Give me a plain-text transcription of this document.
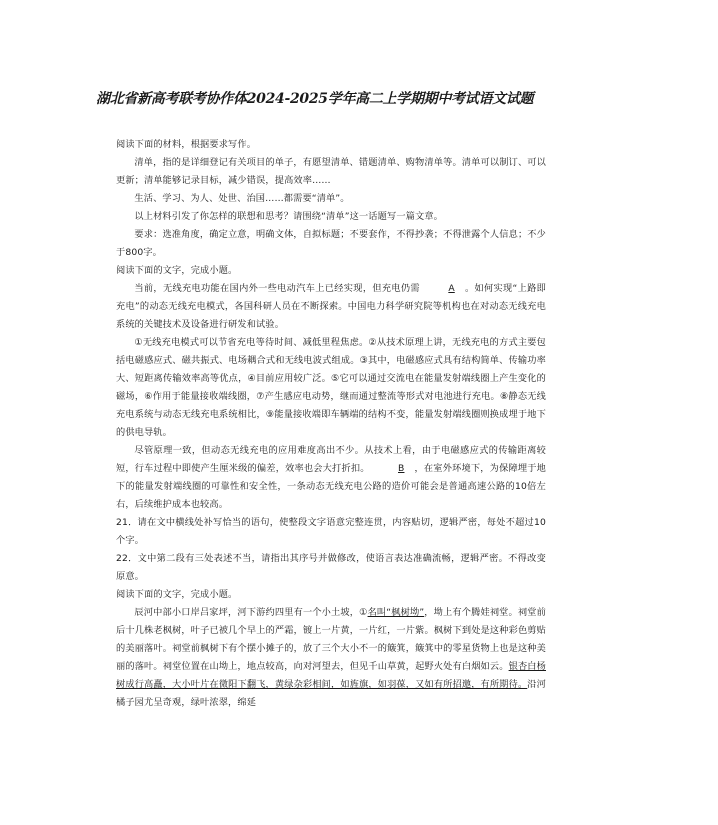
湖北省新高考联考协作体2024-2025学年高二上学期期中考试语文试题

阅读下面的材料，根据要求写作。

清单，指的是详细登记有关项目的单子，有愿望清单、错题清单、购物清单等。清单可以制订、可以更新；清单能够记录目标，减少错误，提高效率……

生活、学习、为人、处世、治国……都需要“清单”。

以上材料引发了你怎样的联想和思考？请围绕“清单”这一话题写一篇文章。

要求：选准角度，确定立意，明确文体，自拟标题；不要套作，不得抄袭；不得泄露个人信息；不少于800字。

阅读下面的文字，完成小题。

当前，无线充电功能在国内外一些电动汽车上已经实现，但充电仍需	A 。如何实现“上路即充电”的动态无线充电模式，各国科研人员在不断探索。中国电力科学研究院等机构也在对动态无线充电系统的关键技术及设备进行研发和试验。

①无线充电模式可以节省充电等待时间、减低里程焦虑。②从技术原理上讲，无线充电的方式主要包括电磁感应式、磁共振式、电场耦合式和无线电波式组成。③其中，电磁感应式具有结构简单、传输功率大、短距离传输效率高等优点，④目前应用较广泛。⑤它可以通过交流电在能量发射端线圈上产生变化的磁场，⑥作用于能量接收端线圈，⑦产生感应电动势，继而通过整流等形式对电池进行充电。⑧静态无线充电系统与动态无线充电系统相比，⑨能量接收端即车辆端的结构不变，能量发射端线圈则换成埋于地下的供电导轨。

尽管原理一致，但动态无线充电的应用难度高出不少。从技术上看，由于电磁感应式的传输距离较短，行车过程中即使产生厘米级的偏差，效率也会大打折扣。	B ，在室外环境下，为保障埋于地下的能量发射端线圈的可靠性和安全性，一条动态无线充电公路的造价可能会是普通高速公路的10倍左右，后续维护成本也较高。

21．请在文中横线处补写恰当的语句，使整段文字语意完整连贯，内容贴切，逻辑严密，每处不超过10个字。

22．文中第二段有三处表述不当，请指出其序号并做修改，使语言表达准确流畅，逻辑严密。不得改变原意。

阅读下面的文字，完成小题。

辰河中部小口岸吕家坪，河下游约四里有一个小土坡，①名叫“枫树坳”，坳上有个腾娃祠堂。祠堂前后十几株老枫树，叶子已被几个早上的严霜，镀上一片黄，一片红，一片紫。枫树下到处是这种彩色剪贴的美丽落叶。祠堂前枫树下有个摆小摊子的，放了三个大小不一的簸箕，簸箕中的零星货物上也是这种美丽的落叶。祠堂位置在山坳上，地点较高，向对河望去，但见千山草黄，起野火处有白烟如云。银杏白杨树成行高矗，大小叶片在微阳下翻飞，黄绿杂彩相间，如旌旗，如羽葆，又如有所招邀，有所期待。沿河橘子园尤呈奇观，绿叶浓翠，绵延
